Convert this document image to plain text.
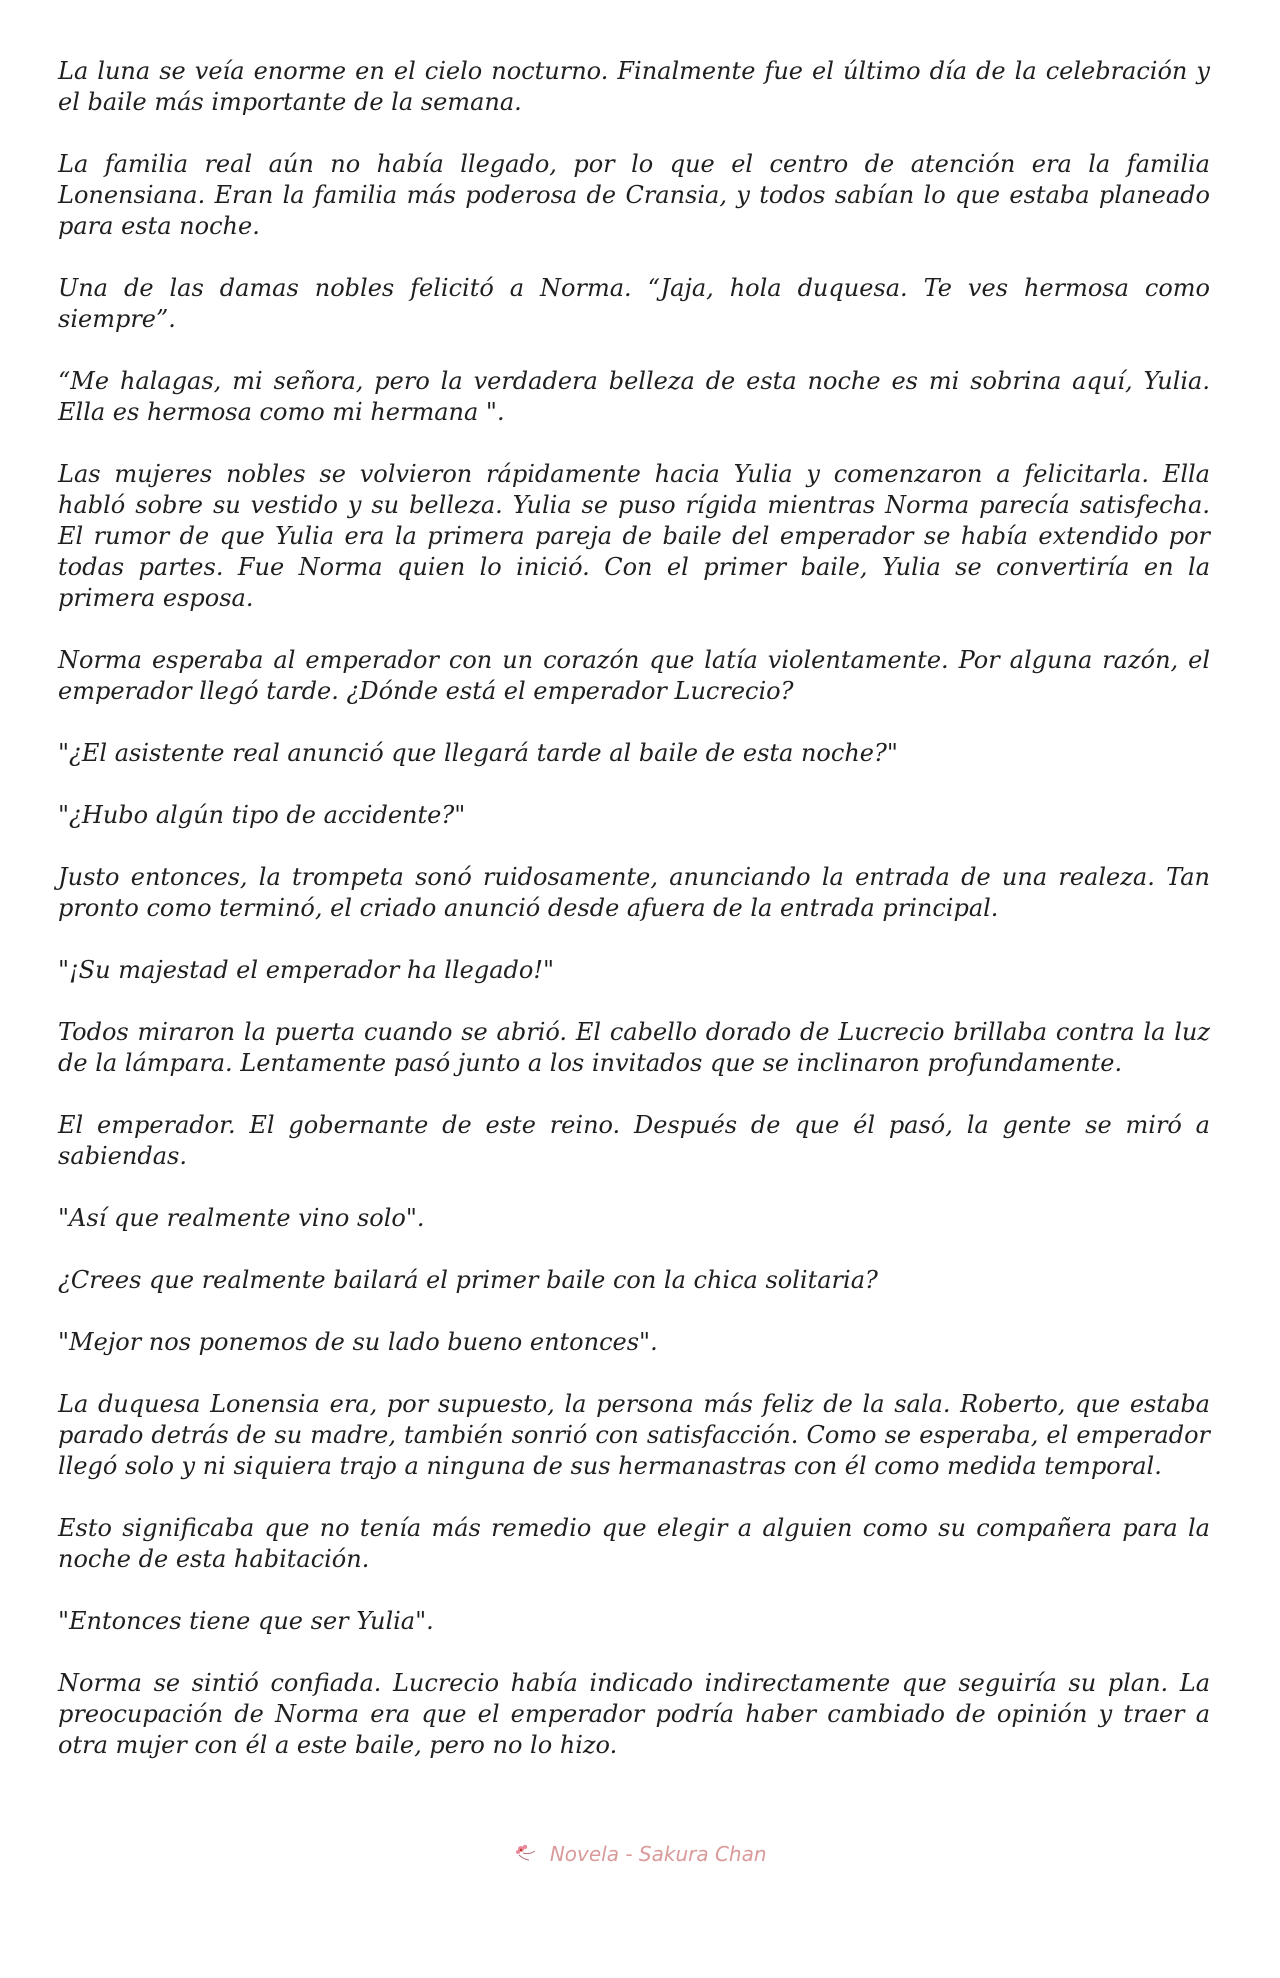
La luna se veía enorme en el cielo nocturno. Finalmente fue el último día de la celebración y el baile más importante de la semana.

La familia real aún no había llegado, por lo que el centro de atención era la familia Lonensiana. Eran la familia más poderosa de Cransia, y todos sabían lo que estaba planeado para esta noche.

Una de las damas nobles felicitó a Norma. “Jaja, hola duquesa. Te ves hermosa como siempre”.

“Me halagas, mi señora, pero la verdadera belleza de esta noche es mi sobrina aquí, Yulia. Ella es hermosa como mi hermana ".

Las mujeres nobles se volvieron rápidamente hacia Yulia y comenzaron a felicitarla. Ella habló sobre su vestido y su belleza. Yulia se puso rígida mientras Norma parecía satisfecha. El rumor de que Yulia era la primera pareja de baile del emperador se había extendido por todas partes. Fue Norma quien lo inició. Con el primer baile, Yulia se convertiría en la primera esposa.

Norma esperaba al emperador con un corazón que latía violentamente. Por alguna razón, el emperador llegó tarde. ¿Dónde está el emperador Lucrecio?

"¿El asistente real anunció que llegará tarde al baile de esta noche?"

"¿Hubo algún tipo de accidente?"

Justo entonces, la trompeta sonó ruidosamente, anunciando la entrada de una realeza. Tan pronto como terminó, el criado anunció desde afuera de la entrada principal.

"¡Su majestad el emperador ha llegado!"

Todos miraron la puerta cuando se abrió. El cabello dorado de Lucrecio brillaba contra la luz de la lámpara. Lentamente pasó junto a los invitados que se inclinaron profundamente.

El emperador. El gobernante de este reino. Después de que él pasó, la gente se miró a sabiendas.

"Así que realmente vino solo".

¿Crees que realmente bailará el primer baile con la chica solitaria?

"Mejor nos ponemos de su lado bueno entonces".

La duquesa Lonensia era, por supuesto, la persona más feliz de la sala. Roberto, que estaba parado detrás de su madre, también sonrió con satisfacción. Como se esperaba, el emperador llegó solo y ni siquiera trajo a ninguna de sus hermanastras con él como medida temporal.

Esto significaba que no tenía más remedio que elegir a alguien como su compañera para la noche de esta habitación.

"Entonces tiene que ser Yulia".

Norma se sintió confiada. Lucrecio había indicado indirectamente que seguiría su plan. La preocupación de Norma era que el emperador podría haber cambiado de opinión y traer a otra mujer con él a este baile, pero no lo hizo.

Novela - Sakura Chan
